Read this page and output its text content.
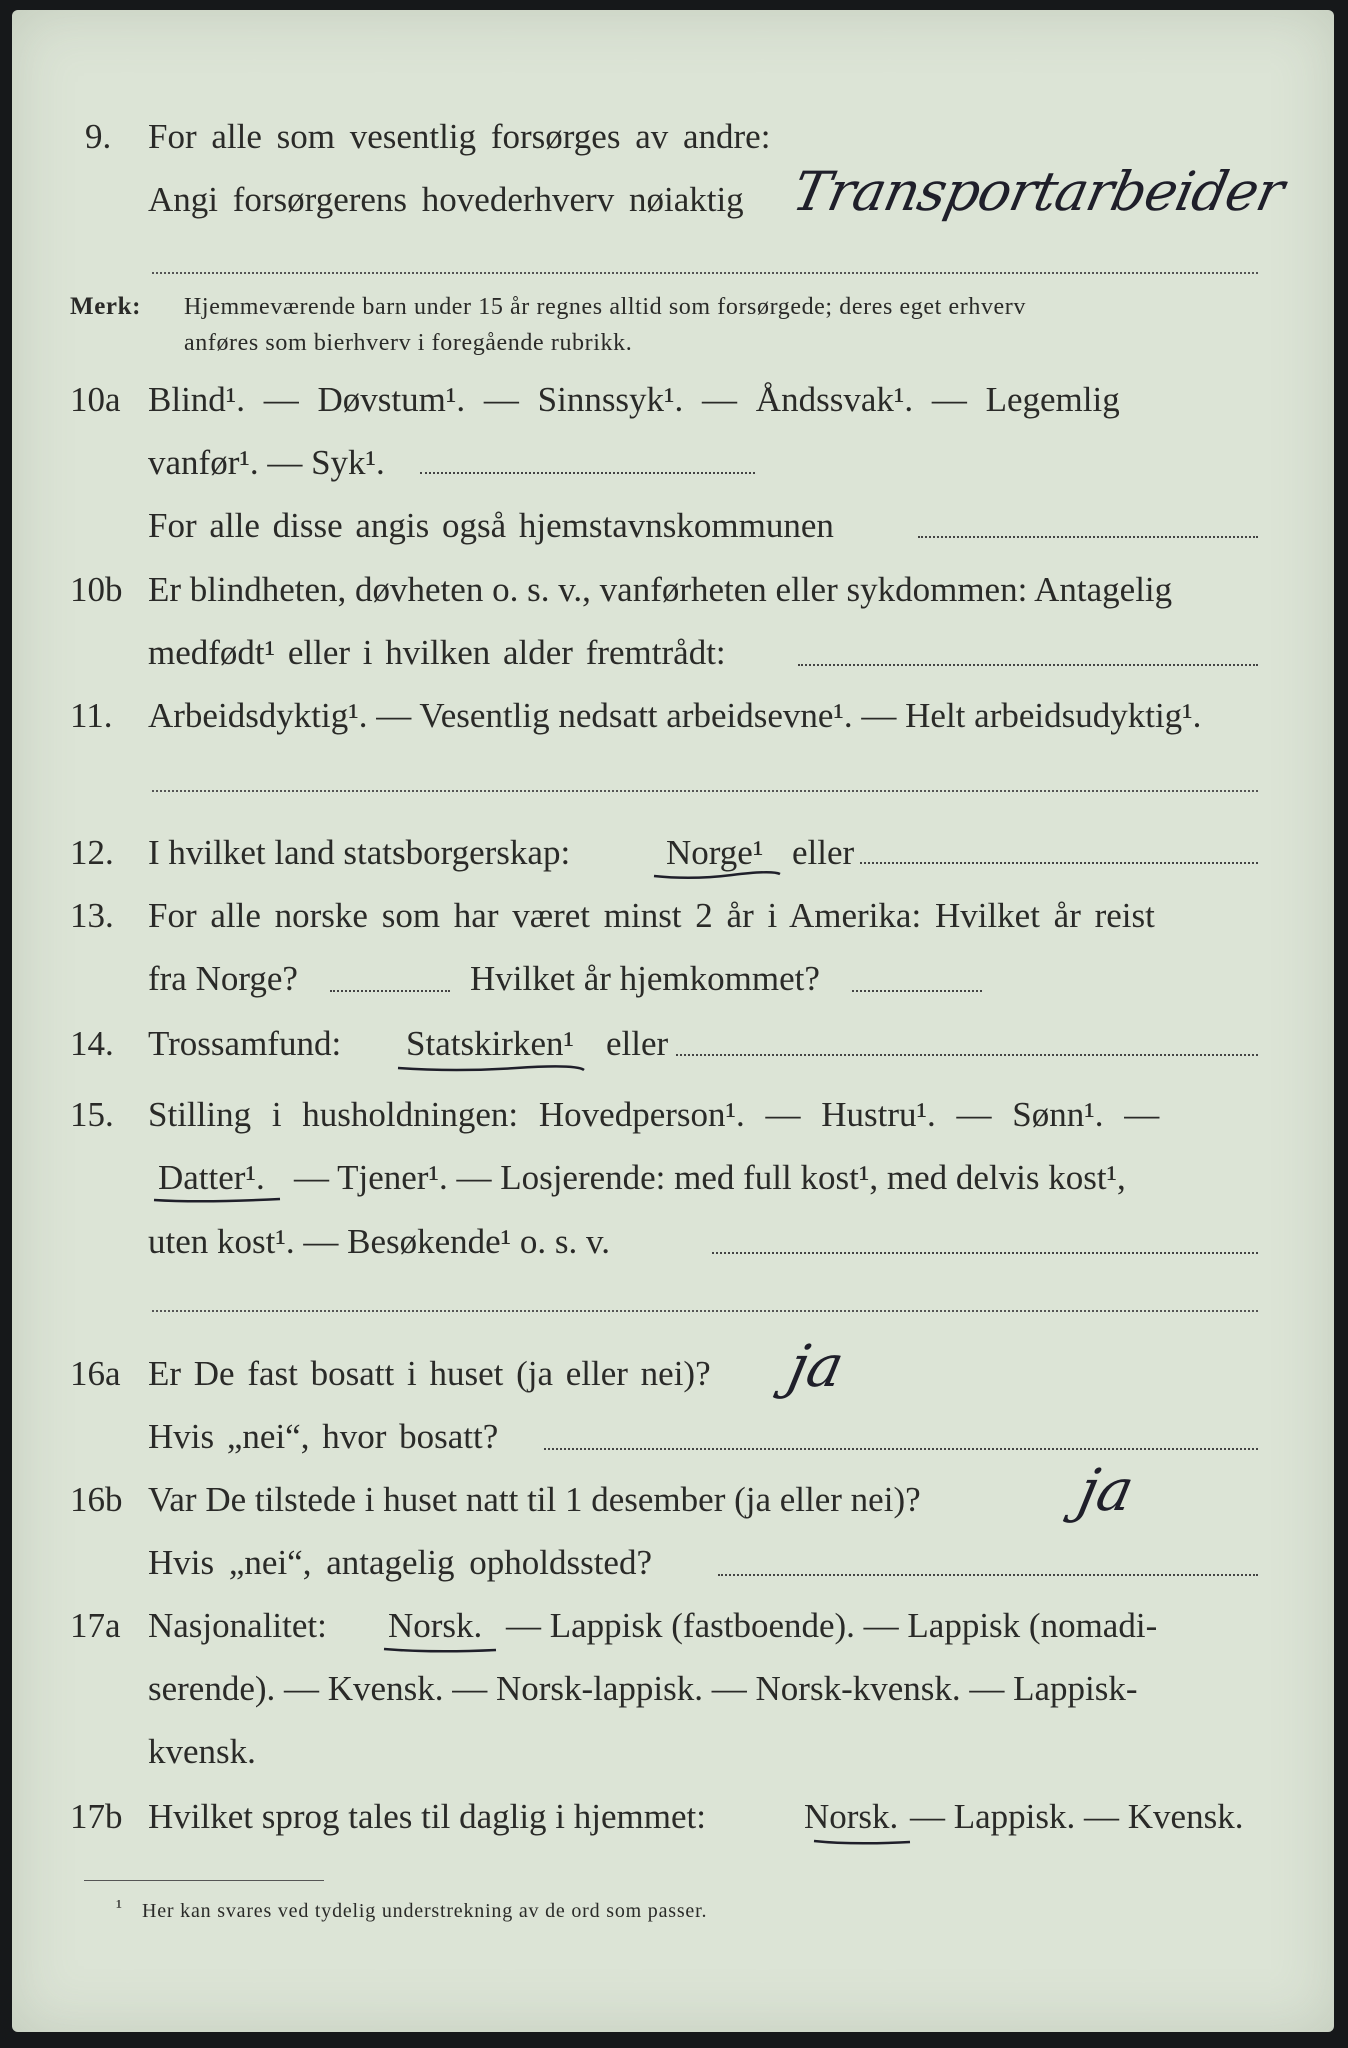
9. For alle som vesentlig forsørges av andre:
Angi forsørgerens hovederhverv nøiaktig Transportarbeider
Merk: Hjemmeværende barn under 15 år regnes alltid som forsørgede; deres eget erhverv
anføres som bierhverv i foregående rubrikk.
10a Blind¹. — Døvstum¹. — Sinnssyk¹. — Åndssvak¹. — Legemlig
vanfør¹. — Syk¹.
For alle disse angis også hjemstavnskommunen
10b Er blindheten, døvheten o. s. v., vanførheten eller sykdommen: Antagelig
medfødt¹ eller i hvilken alder fremtrådt:
11. Arbeidsdyktig¹. — Vesentlig nedsatt arbeidsevne¹. — Helt arbeidsudyktig¹.
12. I hvilket land statsborgerskap:	Norge¹ eller
13. For alle norske som har været minst 2 år i Amerika: Hvilket år reist
fra Norge?	Hvilket år hjemkommet?
14. Trossamfund: Statskirken¹ eller
15. Stilling i husholdningen: Hovedperson¹. — Hustru¹. — Sønn¹. —
Datter¹. — Tjener¹. — Losjerende: med full kost¹, med delvis kost¹,
uten kost¹. — Besøkende¹ o. s. v.
16a Er De fast bosatt i huset (ja eller nei)? ja
Hvis „nei“, hvor bosatt?
16b Var De tilstede i huset natt til 1 desember (ja eller nei)?	ja
Hvis „nei“, antagelig opholdssted?
17a Nasjonalitet: Norsk. — Lappisk (fastboende). — Lappisk (nomadi-
serende). — Kvensk. — Norsk-lappisk. — Norsk-kvensk. — Lappisk-
kvensk.
17b Hvilket sprog tales til daglig i hjemmet:	Norsk. — Lappisk. — Kvensk.
¹ Her kan svares ved tydelig understrekning av de ord som passer.
